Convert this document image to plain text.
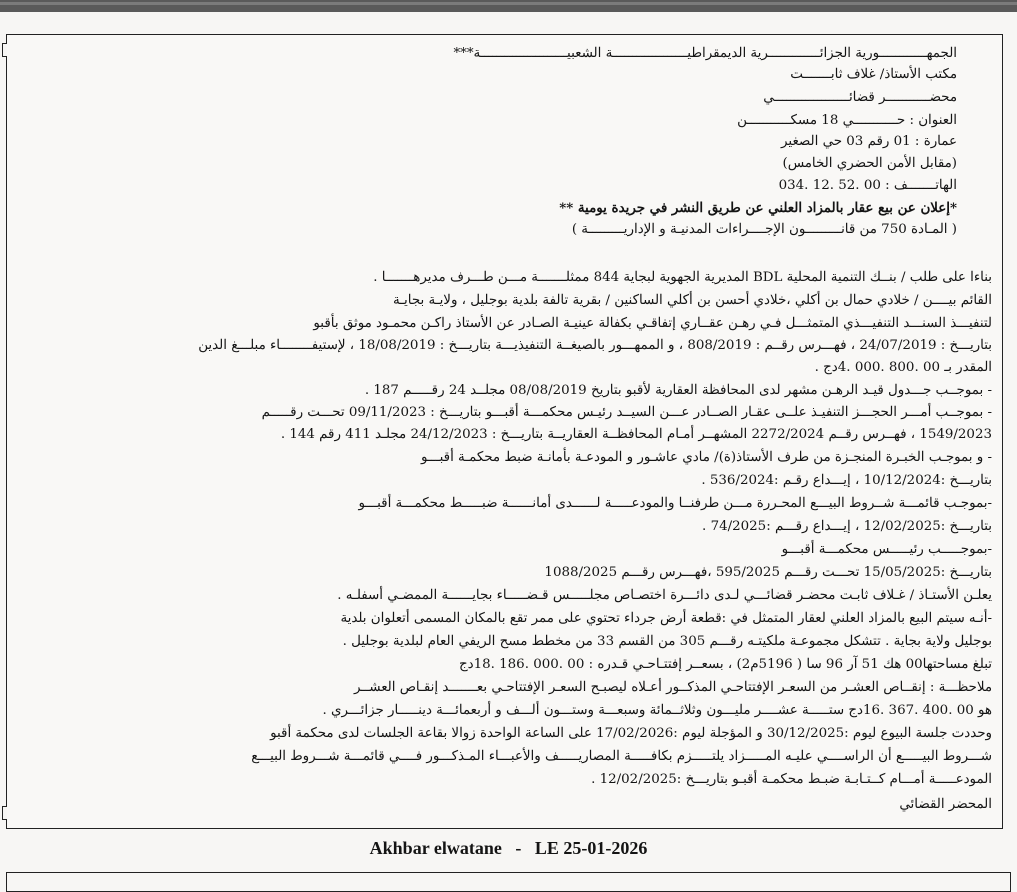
الجمهــــــــــــورية الجزائـــــــــــــرية الديمقراطيـــــــــــــــــــة الشعبيــــــــــــــــــــــة***
مكتب الأستاذ/ غلاف ثابـــــــت
محضـــــــــــر قضائـــــــــــــــــــي
العنوان : حـــــــــــي 18 مسكـــــــــــن
عمارة : 01 رقم 03 حي الصغير
(مقابل الأمن الحضري الخامس)
الهاتـــــــف : 00 .52 .12 .034
*إعلان عن بيع عقار بالمزاد العلني عن طريق النشر في جريدة يومية **
( المـادة 750 من قانـــــــــون الإجــــراءات المدنيـة و الإداريـــــــــة )
بناءا على طلب / بنــك التنمية المحلية BDL المديرية الجهوية لبجاية 844 ممثلـــــــة مـــن طـــرف مديرهـــــــا .
القائم بيــــن / خلادي حمال بن أكلي ،خلادي أحسن بن أكلي الساكنين / بقرية تالفة بلدية بوجليل ، ولايـة بجايـة
لتنفيـــذ السنـــد التنفيـــذي المتمثـــل فـي رهـن عقــاري إتفاقـي بكفالة عينيـة الصـادر عن الأستاذ راكـن محمـود موثق بأقبو
بتاريـــخ : 24/07/2019 ، فهـــرس رقــم : 808/2019 ، و الممهـــور بالصيغــة التنفيذيـــة بتاريـــخ : 18/08/2019 ، لإستيفــــــــاء مبلـــغ الدين
المقدر بـ 00 .800 .000 .4دج .
- بموجــب جـــدول قيـد الرهـن مشهر لدى المحافظة العقارية لأقبو بتاريخ 08/08/2019 مجلــد 24 رقـــــم 187 .
- بموجــب أمـــر الحجـــز التنفيـذ علــى عقـار الصــادر عـــن السيــد رئيـس محكمـــة أقبـــو بتاريـــخ : 09/11/2023 تحـــت رقـــــم
1549/2023 ، فهــرس رقــم 2272/2024 المشهــر أمـام المحافظــة العقاريــة بتاريـــخ : 24/12/2023 مجلـد 411 رقم 144 .
- و بموجـب الخبـرة المنجـزة من طرف الأستاذ(ة)/ مادي عاشـور و المودعـة بأمانـة ضبط محكمـة أقبـــو
بتاريـــخ :10/12/2024 ، إيـــداع رقـم :536/2024 .
-بموجـب قائمـــة شــروط البيـــع المحـررة مـــن طرفنــا والمودعـــــة لــــــدى أمانــــــة ضبـــــط محكمـــة أقبـــو
بتاريـــخ :12/02/2025 ، إيـــداع رقـــم :74/2025 .
-بموجـــــب رئيـــــس محكمـــة أقبـــو
بتاريـــخ :15/05/2025 تحـــت رقـــم 595/2025 ،فهـــرس رقـــم 1088/2025
يعلـن الأستـاذ / غـلاف ثابـت محضـر قضائـــي لـدى دائـــرة اختصـاص مجلـــــس قـضـــــاء بجايــــــة الممضـي أسفلـه .
-أنـه سيتم البيع بالمزاد العلني لعقار المتمثل في :قطعة أرض جرداء تحتوي على ممر تقع بالمكان المسمى أتعلوان بلدية
بوجليل ولاية بجاية . تتشكل مجموعـة ملكيتـه رقـــم 305 من القسم 33 من مخطط مسح الريفي العام لبلدية بوجليل .
تبلغ مساحتها00 هك 51 آر 96 سا ( 5196م2) ، بسعــر إفتتـاحـي قـدره : 00 .000 .186 .18دج
ملاحظـــة : إنقــاص العشـر من السعـر الإفتتاحـي المذكــور أعـلاه ليصبـح السعـر الإفتتاحـي بعـــــــد إنقـاص العشــر
هو 00 .400 .367 .16دج ستـــــة عشــــر مليـــون وثلاثــمائة وسبعـــة وستـــون ألـــف و أربعمائـــة دينـــــار جزائـــري .
وحددت جلسة البيوع ليوم :30/12/2025 و المؤجلة ليوم :17/02/2026 على الساعة الواحدة زوالا بقاعة الجلسات لدى محكمة أقبو
شـــروط البيـــــع أن الراســــي عليـه المـــــزاد يلتـــــزم بكافـــــة المصاريـــــف والأعبـــاء المـذكـــور فــــي قائمـــة شـــروط البيـــع
المودعـــــة أمـــام كــتـابـة ضبـط محكمـة أقبـو بتاريـــخ :12/02/2025 .
المحضر القضائي
Akhbar elwatane - LE 25-01-2026
